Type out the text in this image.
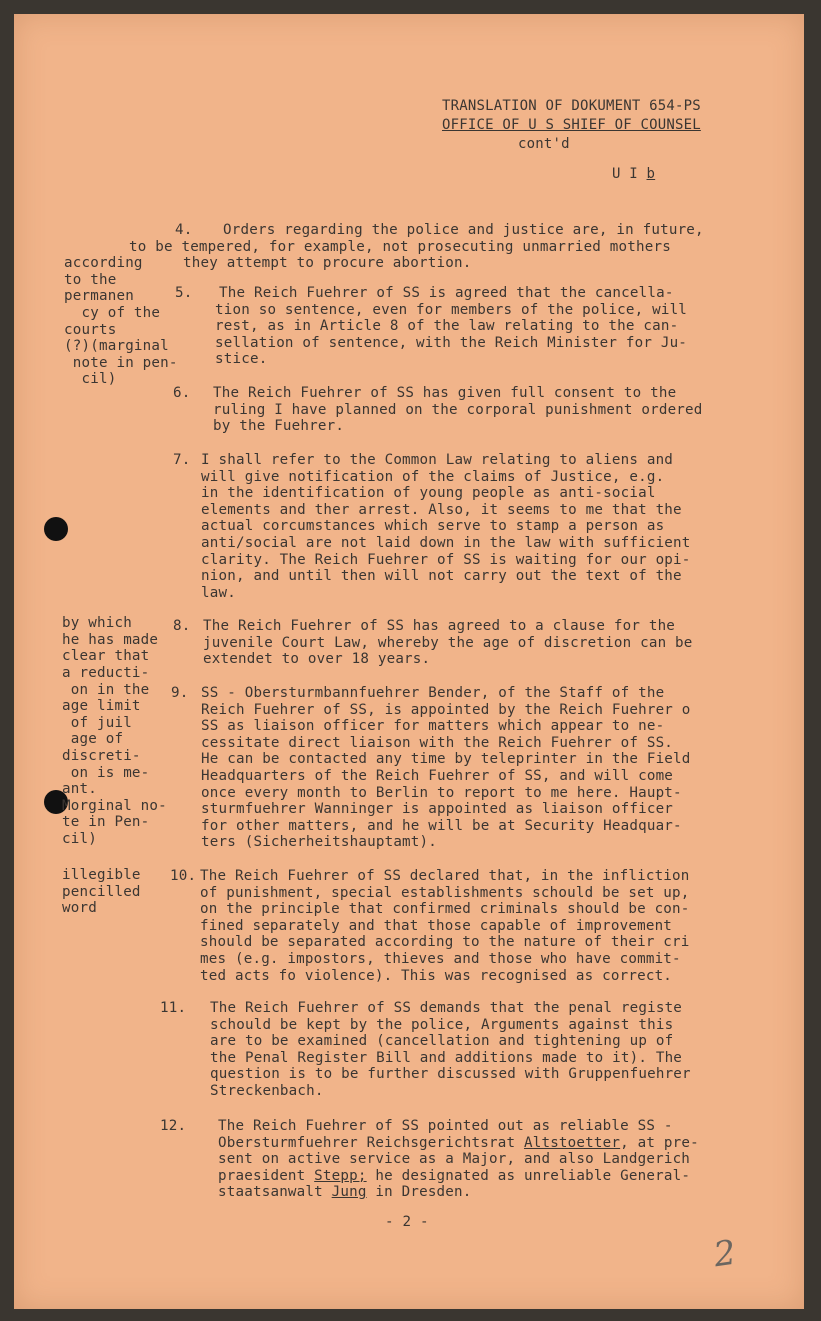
TRANSLATION OF DOKUMENT 654-PS
OFFICE OF U S SHIEF OF COUNSEL
cont'd
U I b

according
to the
permanen
cy of the
courts
(?)(marginal
note in pen-
cil)

by which
he has made
clear that
a reducti-
on in the
age limit
of juil
age of
discreti-
on is me-
ant.
Morginal no-
te in Pen-
cil)

illegible
pencilled
word

4.

Orders regarding the police and justice are, in future,
to be tempered, for example, not prosecuting unmarried mothers
they attempt to procure abortion.

5.

The Reich Fuehrer of SS is agreed that the cancella-
tion so sentence, even for members of the police, will
rest, as in Article 8 of the law relating to the can-
sellation of sentence, with the Reich Minister for Ju-
stice.

6.

The Reich Fuehrer of SS has given full consent to the
ruling I have planned on the corporal punishment ordered
by the Fuehrer.

7.

I shall refer to the Common Law relating to aliens and
will give notification of the claims of Justice, e.g.
in the identification of young people as anti-social
elements and ther arrest. Also, it seems to me that the
actual corcumstances which serve to stamp a person as
anti/social are not laid down in the law with sufficient
clarity. The Reich Fuehrer of SS is waiting for our opi-
nion, and until then will not carry out the text of the
law.

8.

The Reich Fuehrer of SS has agreed to a clause for the
juvenile Court Law, whereby the age of discretion can be
extendet to over 18 years.

9.

SS - Obersturmbannfuehrer Bender, of the Staff of the
Reich Fuehrer of SS, is appointed by the Reich Fuehrer o
SS as liaison officer for matters which appear to ne-
cessitate direct liaison with the Reich Fuehrer of SS.
He can be contacted any time by teleprinter in the Field
Headquarters of the Reich Fuehrer of SS, and will come
once every month to Berlin to report to me here. Haupt-
sturmfuehrer Wanninger is appointed as liaison officer
for other matters, and he will be at Security Headquar-
ters (Sicherheitshauptamt).

10.

The Reich Fuehrer of SS declared that, in the infliction
of punishment, special establishments schould be set up,
on the principle that confirmed criminals should be con-
fined separately and that those capable of improvement
should be separated according to the nature of their cri
mes (e.g. impostors, thieves and those who have commit-
ted acts fo violence). This was recognised as correct.

11.

The Reich Fuehrer of SS demands that the penal registe
schould be kept by the police, Arguments against this
are to be examined (cancellation and tightening up of
the Penal Register Bill and additions made to it). The
question is to be further discussed with Gruppenfuehrer
Streckenbach.

12.

The Reich Fuehrer of SS pointed out as reliable SS -
Obersturmfuehrer Reichsgerichtsrat Altstoetter, at pre-
sent on active service as a Major, and also Landgerich
praesident Stepp; he designated as unreliable General-
staatsanwalt Jung in Dresden.

- 2 -
2
